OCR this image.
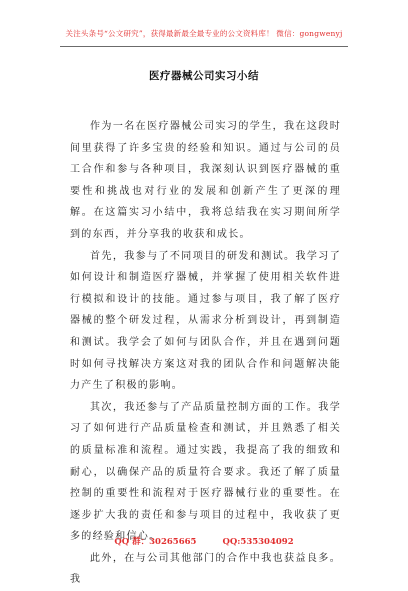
关注头条号“公文研究”，获得最新最全最专业的公文资料库！ 微信：gongwenyj
医疗器械公司实习小结

作为一名在医疗器械公司实习的学生，我在这段时间里获得了许多宝贵的经验和知识。通过与公司的员工合作和参与各种项目，我深刻认识到医疗器械的重要性和挑战也对行业的发展和创新产生了更深的理解。在这篇实习小结中，我将总结我在实习期间所学到的东西，并分享我的收获和成长。

首先，我参与了不同项目的研发和测试。我学习了如何设计和制造医疗器械，并掌握了使用相关软件进行模拟和设计的技能。通过参与项目，我了解了医疗器械的整个研发过程，从需求分析到设计，再到制造和测试。我学会了如何与团队合作，并且在遇到问题时如何寻找解决方案这对我的团队合作和问题解决能力产生了积极的影响。

其次，我还参与了产品质量控制方面的工作。我学习了如何进行产品质量检查和测试，并且熟悉了相关的质量标准和流程。通过实践，我提高了我的细致和耐心，以确保产品的质量符合要求。我还了解了质量控制的重要性和流程对于医疗器械行业的重要性。在逐步扩大我的责任和参与项目的过程中，我收获了更多的经验和信心。

此外，在与公司其他部门的合作中我也获益良多。我

QQ 群：30265665	QQ:535304092
